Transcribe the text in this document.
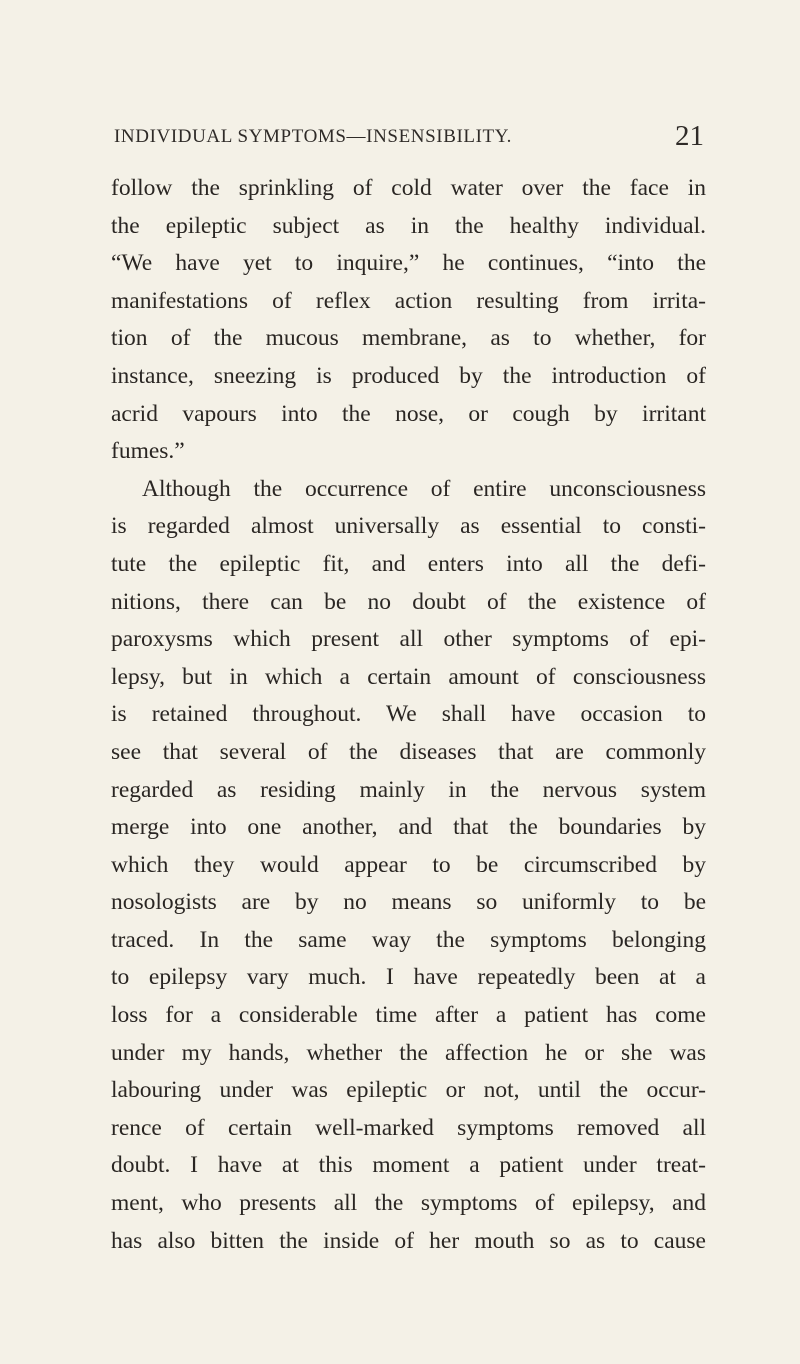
INDIVIDUAL SYMPTOMS—INSENSIBILITY.	21
follow the sprinkling of cold water over the face in
the epileptic subject as in the healthy individual.
“We have yet to inquire,” he continues, “into the
manifestations of reflex action resulting from irrita-
tion of the mucous membrane, as to whether, for
instance, sneezing is produced by the introduction of
acrid vapours into the nose, or cough by irritant
fumes.”
Although the occurrence of entire unconsciousness
is regarded almost universally as essential to consti-
tute the epileptic fit, and enters into all the defi-
nitions, there can be no doubt of the existence of
paroxysms which present all other symptoms of epi-
lepsy, but in which a certain amount of consciousness
is retained throughout. We shall have occasion to
see that several of the diseases that are commonly
regarded as residing mainly in the nervous system
merge into one another, and that the boundaries by
which they would appear to be circumscribed by
nosologists are by no means so uniformly to be
traced. In the same way the symptoms belonging
to epilepsy vary much. I have repeatedly been at a
loss for a considerable time after a patient has come
under my hands, whether the affection he or she was
labouring under was epileptic or not, until the occur-
rence of certain well-marked symptoms removed all
doubt. I have at this moment a patient under treat-
ment, who presents all the symptoms of epilepsy, and
has also bitten the inside of her mouth so as to cause
